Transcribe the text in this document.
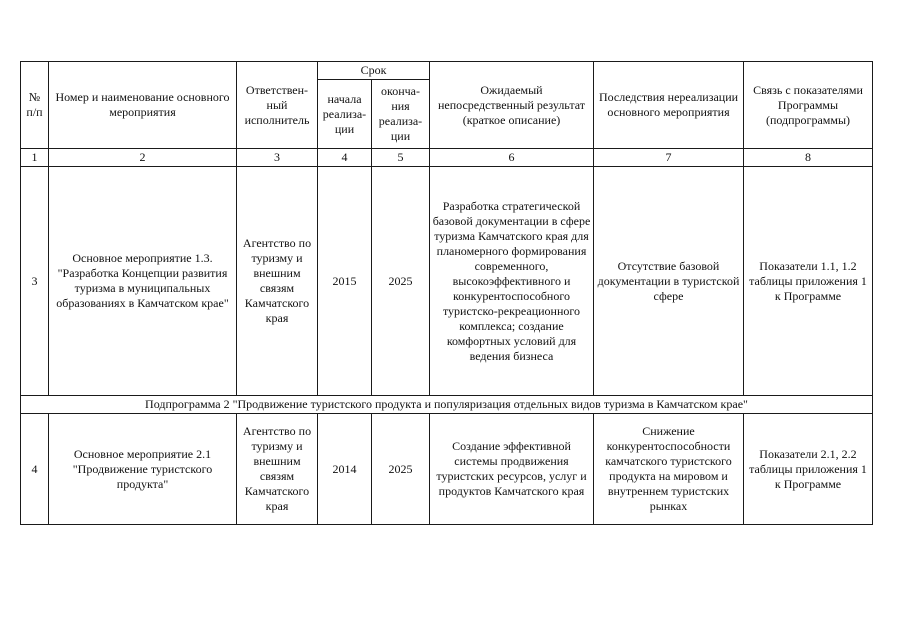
№ п/п	Номер и наименование основного мероприятия	Ответствен-ный исполнитель	Срок		Ожидаемый непосредственный результат (краткое описание)	Последствия нереализации основного мероприятия	Связь с показателями Программы (подпрограммы)
			начала реализа-ции	оконча-ния реализа-ции			
1	2	3	4	5	6	7	8
3	Основное мероприятие 1.3. "Разработка Концепции развития туризма в муниципальных образованиях в Камчатском крае"	Агентство по туризму и внешним связям Камчатского края	2015	2025	Разработка стратегической базовой документации в сфере туризма Камчатского края для планомерного формирования современного, высокоэффективного и конкурентоспособного туристско-рекреационного комплекса; создание комфортных условий для ведения бизнеса	Отсутствие базовой документации в туристской сфере	Показатели 1.1, 1.2 таблицы приложения 1 к Программе
Подпрограмма 2 "Продвижение туристского продукта и популяризация отдельных видов туризма в Камчатском крае"							
4	Основное мероприятие 2.1 "Продвижение туристского продукта"	Агентство по туризму и внешним связям Камчатского края	2014	2025	Создание эффективной системы продвижения туристских ресурсов, услуг и продуктов Камчатского края	Снижение конкурентоспособности камчатского туристского продукта на мировом и внутреннем туристских рынках	Показатели 2.1, 2.2 таблицы приложения 1 к Программе
